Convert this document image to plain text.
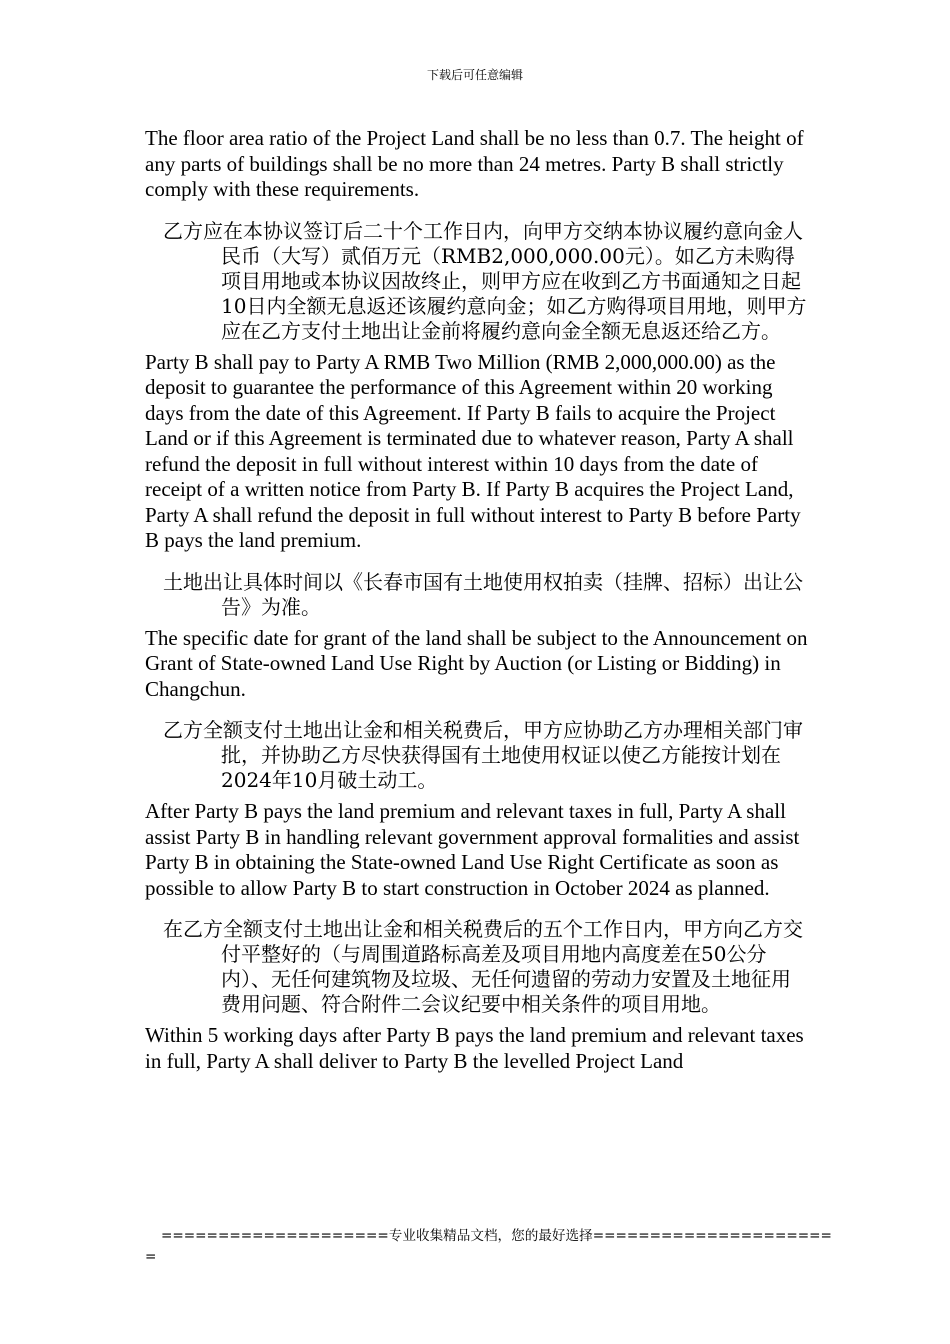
下载后可任意编辑

The floor area ratio of the Project Land shall be no less than 0.7. The height of any parts of buildings shall be no more than 24 metres. Party B shall strictly comply with these requirements.

乙方应在本协议签订后二十个工作日内，向甲方交纳本协议履约意向金人民币（大写）贰佰万元（RMB2,000,000.00元）。如乙方未购得项目用地或本协议因故终止，则甲方应在收到乙方书面通知之日起10日内全额无息返还该履约意向金；如乙方购得项目用地，则甲方应在乙方支付土地出让金前将履约意向金全额无息返还给乙方。

Party B shall pay to Party A RMB Two Million (RMB 2,000,000.00) as the deposit to guarantee the performance of this Agreement within 20 working days from the date of this Agreement. If Party B fails to acquire the Project Land or if this Agreement is terminated due to whatever reason, Party A shall refund the deposit in full without interest within 10 days from the date of receipt of a written notice from Party B. If Party B acquires the Project Land, Party A shall refund the deposit in full without interest to Party B before Party B pays the land premium.

土地出让具体时间以《长春市国有土地使用权拍卖（挂牌、招标）出让公告》为准。

The specific date for grant of the land shall be subject to the Announcement on Grant of State-owned Land Use Right by Auction (or Listing or Bidding) in Changchun.

乙方全额支付土地出让金和相关税费后，甲方应协助乙方办理相关部门审批，并协助乙方尽快获得国有土地使用权证以使乙方能按计划在2024年10月破土动工。

After Party B pays the land premium and relevant taxes in full, Party A shall assist Party B in handling relevant government approval formalities and assist Party B in obtaining the State-owned Land Use Right Certificate as soon as possible to allow Party B to start construction in October 2024 as planned.

在乙方全额支付土地出让金和相关税费后的五个工作日内，甲方向乙方交付平整好的（与周围道路标高差及项目用地内高度差在50公分内）、无任何建筑物及垃圾、无任何遗留的劳动力安置及土地征用费用问题、符合附件二会议纪要中相关条件的项目用地。

Within 5 working days after Party B pays the land premium and relevant taxes in full, Party A shall deliver to Party B the levelled Project Land

====================专业收集精品文档，您的最好选择=====================
=
